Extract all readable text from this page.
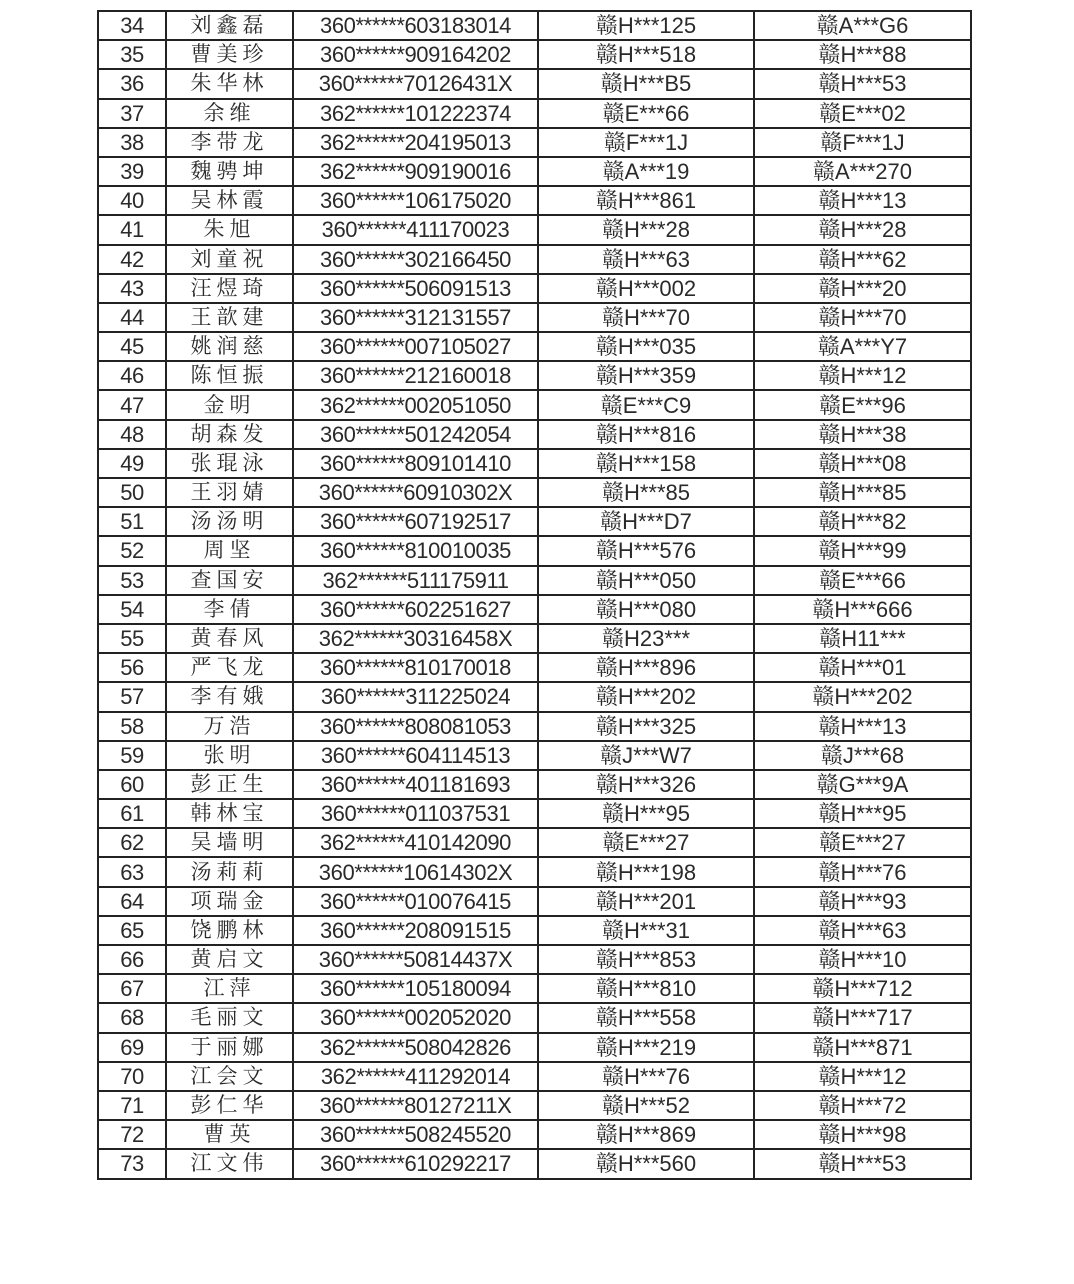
34	刘鑫磊	360******603183014	赣H***125	赣A***G6
35	曹美珍	360******909164202	赣H***518	赣H***88
36	朱华林	360******70126431X	赣H***B5	赣H***53
37	余维	362******101222374	赣E***66	赣E***02
38	李带龙	362******204195013	赣F***1J	赣F***1J
39	魏骋坤	362******909190016	赣A***19	赣A***270
40	吴林霞	360******106175020	赣H***861	赣H***13
41	朱旭	360******411170023	赣H***28	赣H***28
42	刘童祝	360******302166450	赣H***63	赣H***62
43	汪煜琦	360******506091513	赣H***002	赣H***20
44	王歆建	360******312131557	赣H***70	赣H***70
45	姚润慈	360******007105027	赣H***035	赣A***Y7
46	陈恒振	360******212160018	赣H***359	赣H***12
47	金明	362******002051050	赣E***C9	赣E***96
48	胡森发	360******501242054	赣H***816	赣H***38
49	张琨泳	360******809101410	赣H***158	赣H***08
50	王羽婧	360******60910302X	赣H***85	赣H***85
51	汤汤明	360******607192517	赣H***D7	赣H***82
52	周坚	360******810010035	赣H***576	赣H***99
53	查国安	362******511175911	赣H***050	赣E***66
54	李倩	360******602251627	赣H***080	赣H***666
55	黄春风	362******30316458X	赣H23***	赣H11***
56	严飞龙	360******810170018	赣H***896	赣H***01
57	李有娥	360******311225024	赣H***202	赣H***202
58	万浩	360******808081053	赣H***325	赣H***13
59	张明	360******604114513	赣J***W7	赣J***68
60	彭正生	360******401181693	赣H***326	赣G***9A
61	韩林宝	360******011037531	赣H***95	赣H***95
62	吴墙明	362******410142090	赣E***27	赣E***27
63	汤莉莉	360******10614302X	赣H***198	赣H***76
64	项瑞金	360******010076415	赣H***201	赣H***93
65	饶鹏林	360******208091515	赣H***31	赣H***63
66	黄启文	360******50814437X	赣H***853	赣H***10
67	江萍	360******105180094	赣H***810	赣H***712
68	毛丽文	360******002052020	赣H***558	赣H***717
69	于丽娜	362******508042826	赣H***219	赣H***871
70	江会文	362******411292014	赣H***76	赣H***12
71	彭仁华	360******80127211X	赣H***52	赣H***72
72	曹英	360******508245520	赣H***869	赣H***98
73	江文伟	360******610292217	赣H***560	赣H***53
